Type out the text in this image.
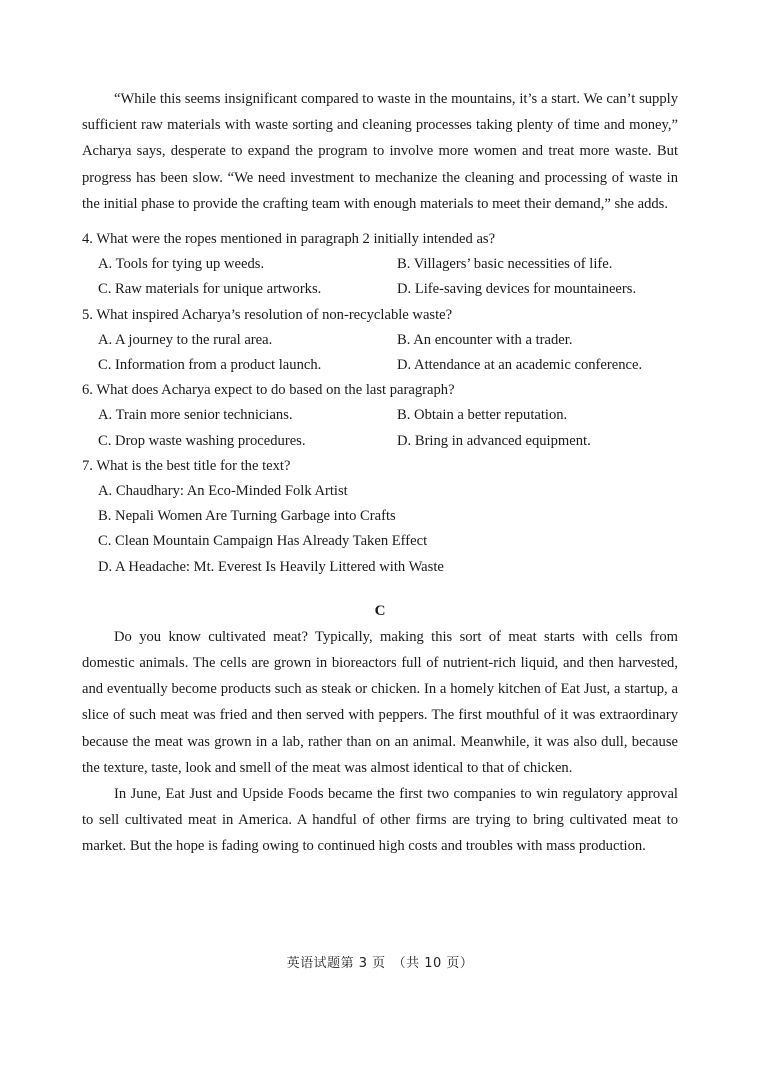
“While this seems insignificant compared to waste in the mountains, it’s a start. We can’t supply sufficient raw materials with waste sorting and cleaning processes taking plenty of time and money,” Acharya says, desperate to expand the program to involve more women and treat more waste. But progress has been slow. “We need investment to mechanize the cleaning and processing of waste in the initial phase to provide the crafting team with enough materials to meet their demand,” she adds.

4. What were the ropes mentioned in paragraph 2 initially intended as?

A. Tools for tying up weeds.	B. Villagers’ basic necessities of life.
C. Raw materials for unique artworks.	D. Life-saving devices for mountaineers.

5. What inspired Acharya’s resolution of non-recyclable waste?

A. A journey to the rural area.	B. An encounter with a trader.
C. Information from a product launch.	D. Attendance at an academic conference.

6. What does Acharya expect to do based on the last paragraph?

A. Train more senior technicians.	B. Obtain a better reputation.
C. Drop waste washing procedures.	D. Bring in advanced equipment.

7. What is the best title for the text?

A. Chaudhary: An Eco-Minded Folk Artist
B. Nepali Women Are Turning Garbage into Crafts
C. Clean Mountain Campaign Has Already Taken Effect
D. A Headache: Mt. Everest Is Heavily Littered with Waste

C

Do you know cultivated meat? Typically, making this sort of meat starts with cells from domestic animals. The cells are grown in bioreactors full of nutrient-rich liquid, and then harvested, and eventually become products such as steak or chicken. In a homely kitchen of Eat Just, a startup, a slice of such meat was fried and then served with peppers. The first mouthful of it was extraordinary because the meat was grown in a lab, rather than on an animal. Meanwhile, it was also dull, because the texture, taste, look and smell of the meat was almost identical to that of chicken.

In June, Eat Just and Upside Foods became the first two companies to win regulatory approval to sell cultivated meat in America. A handful of other firms are trying to bring cultivated meat to market. But the hope is fading owing to continued high costs and troubles with mass production.

英语试题第 3 页　（共 10 页）
